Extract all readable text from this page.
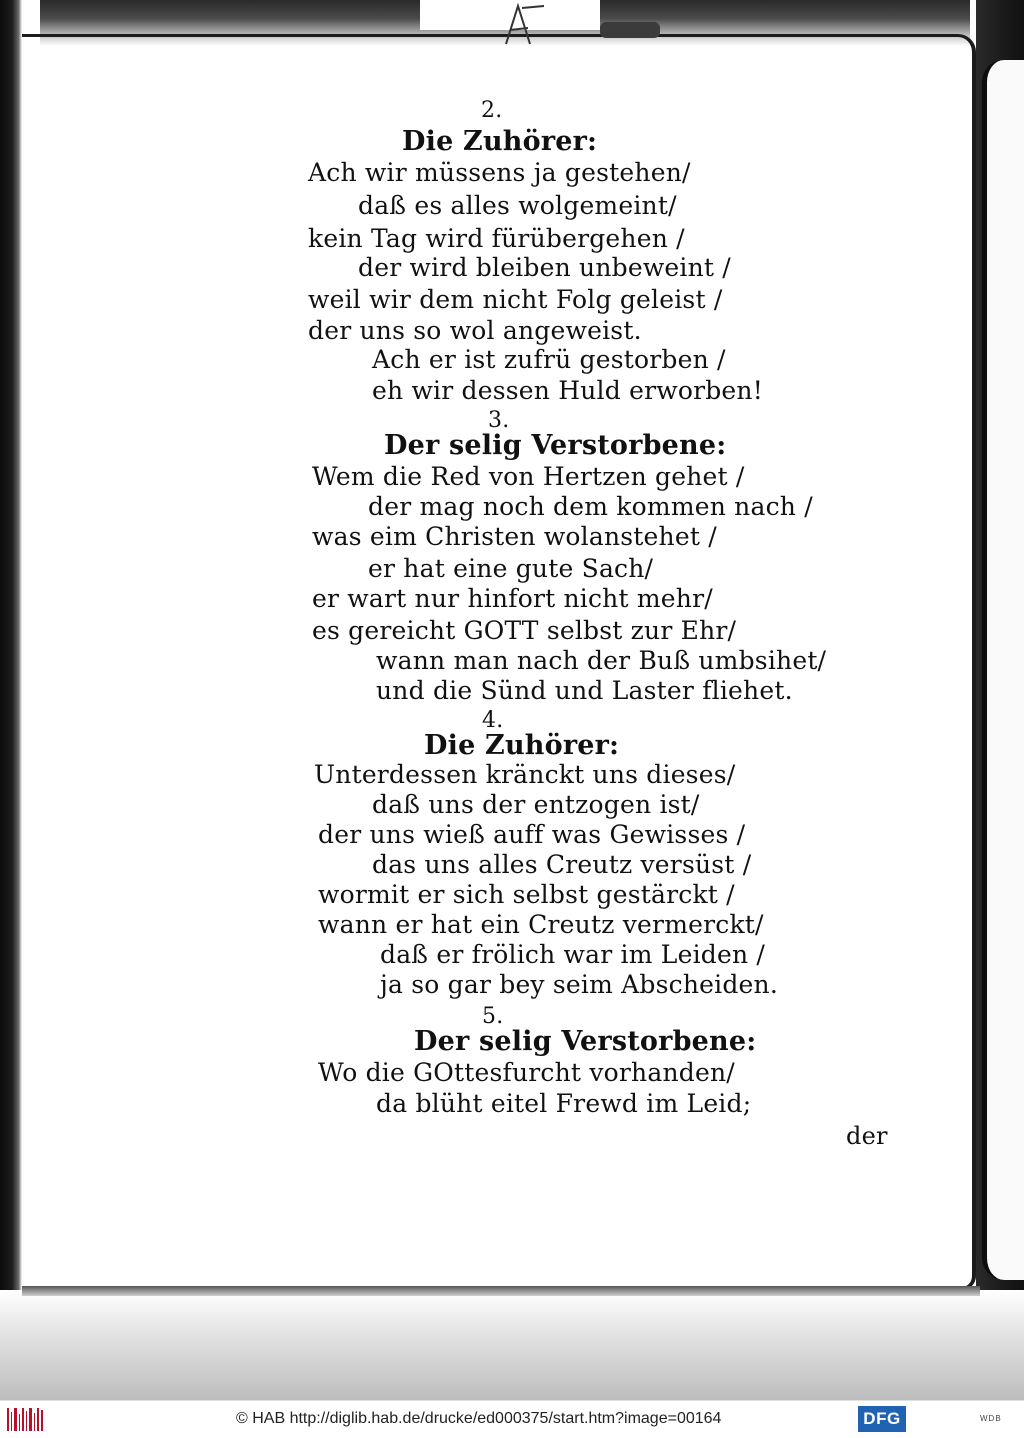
2.
Die Zuhörer:
Ach wir müssens ja gestehen/
daß es alles wolgemeint/
kein Tag wird fürübergehen /
der wird bleiben unbeweint /
weil wir dem nicht Folg geleist /
der uns so wol angeweist.
Ach er ist zufrü gestorben /
eh wir dessen Huld erworben!
3.
Der selig Verstorbene:
Wem die Red von Hertzen gehet /
der mag noch dem kommen nach /
was eim Christen wolanstehet /
er hat eine gute Sach/
er wart nur hinfort nicht mehr/
es gereicht GOTT selbst zur Ehr/
wann man nach der Buß umbsihet/
und die Sünd und Laster fliehet.
4.
Die Zuhörer:
Unterdessen kränckt uns dieses/
daß uns der entzogen ist/
der uns wieß auff was Gewisses /
das uns alles Creutz versüst /
wormit er sich selbst gestärckt /
wann er hat ein Creutz vermerckt/
daß er frölich war im Leiden /
ja so gar bey seim Abscheiden.
5.
Der selig Verstorbene:
Wo die GOttesfurcht vorhanden/
da blüht eitel Frewd im Leid;
der
© HAB http://diglib.hab.de/drucke/ed000375/start.htm?image=00164	DFG	WDB
